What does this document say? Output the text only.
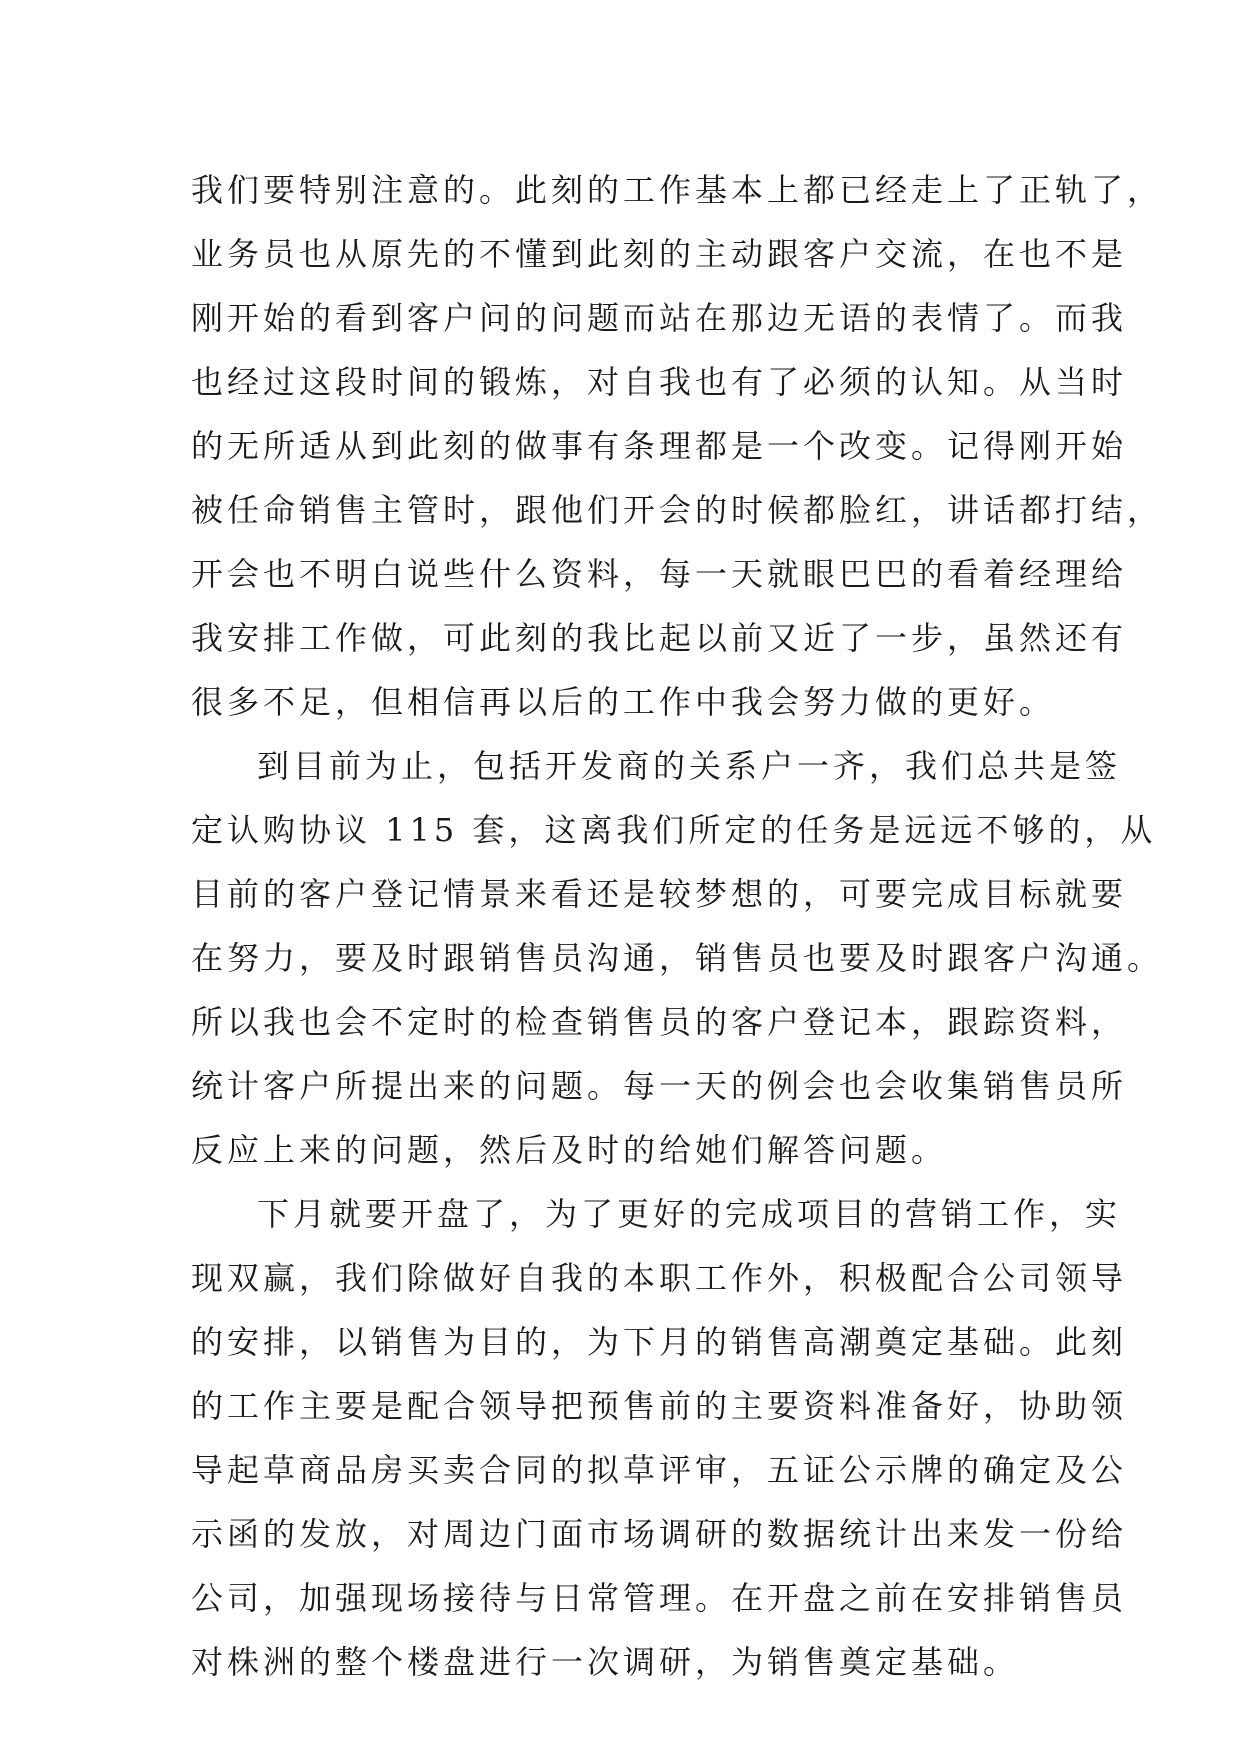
我们要特别注意的。此刻的工作基本上都已经走上了正轨了，
业务员也从原先的不懂到此刻的主动跟客户交流，在也不是
刚开始的看到客户问的问题而站在那边无语的表情了。而我
也经过这段时间的锻炼，对自我也有了必须的认知。从当时
的无所适从到此刻的做事有条理都是一个改变。记得刚开始
被任命销售主管时，跟他们开会的时候都脸红，讲话都打结，
开会也不明白说些什么资料，每一天就眼巴巴的看着经理给
我安排工作做，可此刻的我比起以前又近了一步，虽然还有
很多不足，但相信再以后的工作中我会努力做的更好。
到目前为止，包括开发商的关系户一齐，我们总共是签
定认购协议 115 套，这离我们所定的任务是远远不够的，从
目前的客户登记情景来看还是较梦想的，可要完成目标就要
在努力，要及时跟销售员沟通，销售员也要及时跟客户沟通。
所以我也会不定时的检查销售员的客户登记本，跟踪资料，
统计客户所提出来的问题。每一天的例会也会收集销售员所
反应上来的问题，然后及时的给她们解答问题。
下月就要开盘了，为了更好的完成项目的营销工作，实
现双赢，我们除做好自我的本职工作外，积极配合公司领导
的安排，以销售为目的，为下月的销售高潮奠定基础。此刻
的工作主要是配合领导把预售前的主要资料准备好，协助领
导起草商品房买卖合同的拟草评审，五证公示牌的确定及公
示函的发放，对周边门面市场调研的数据统计出来发一份给
公司，加强现场接待与日常管理。在开盘之前在安排销售员
对株洲的整个楼盘进行一次调研，为销售奠定基础。
